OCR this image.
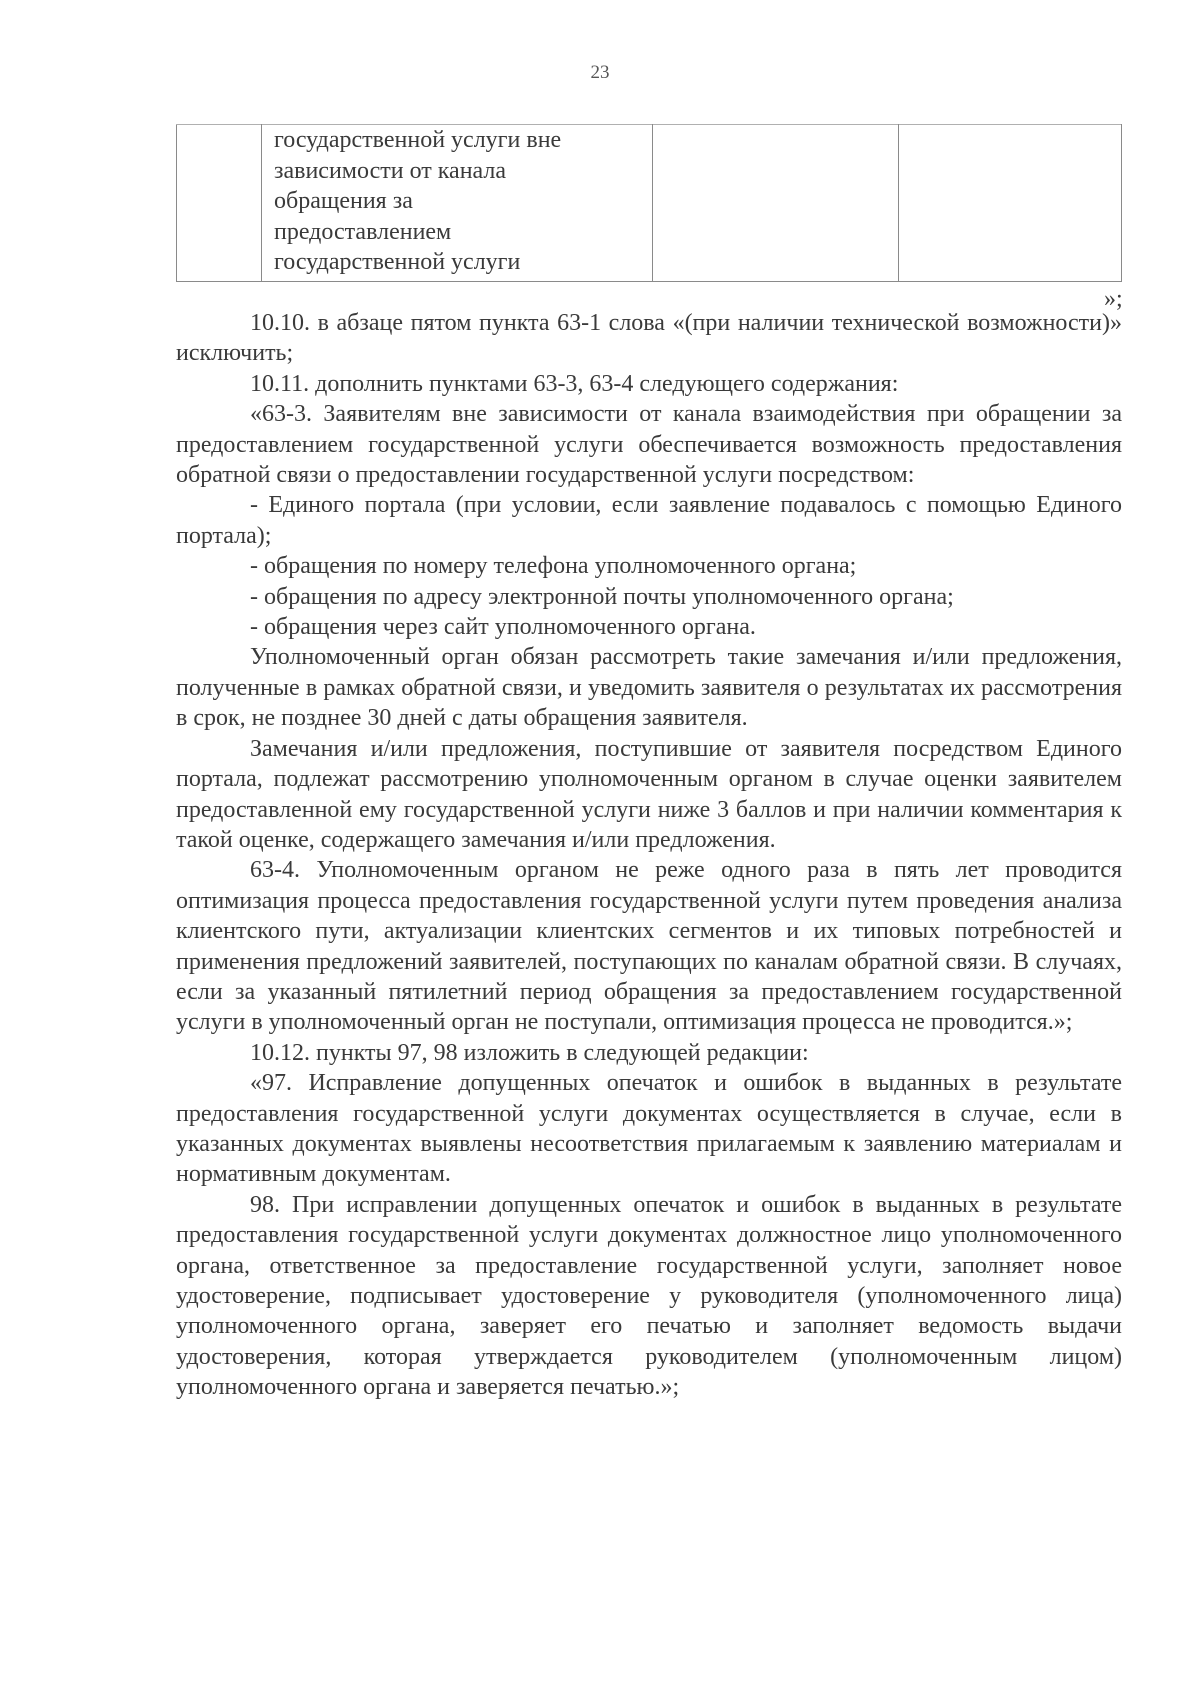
23

государственной услуги вне
зависимости от канала
обращения за
предоставлением
государственной услуги

»;

10.10. в абзаце пятом пункта 63-1 слова «(при наличии технической возможности)» исключить;

10.11. дополнить пунктами 63-3, 63-4 следующего содержания:

«63-3. Заявителям вне зависимости от канала взаимодействия при обращении за предоставлением государственной услуги обеспечивается возможность предоставления обратной связи о предоставлении государственной услуги посредством:

- Единого портала (при условии, если заявление подавалось с помощью Единого портала);

- обращения по номеру телефона уполномоченного органа;

- обращения по адресу электронной почты уполномоченного органа;

- обращения через сайт уполномоченного органа.

Уполномоченный орган обязан рассмотреть такие замечания и/или предложения, полученные в рамках обратной связи, и уведомить заявителя о результатах их рассмотрения в срок, не позднее 30 дней с даты обращения заявителя.

Замечания и/или предложения, поступившие от заявителя посредством Единого портала, подлежат рассмотрению уполномоченным органом в случае оценки заявителем предоставленной ему государственной услуги ниже 3 баллов и при наличии комментария к такой оценке, содержащего замечания и/или предложения.

63-4. Уполномоченным органом не реже одного раза в пять лет проводится оптимизация процесса предоставления государственной услуги путем проведения анализа клиентского пути, актуализации клиентских сегментов и их типовых потребностей и применения предложений заявителей, поступающих по каналам обратной связи. В случаях, если за указанный пятилетний период обращения за предоставлением государственной услуги в уполномоченный орган не поступали, оптимизация процесса не проводится.»;

10.12. пункты 97, 98 изложить в следующей редакции:

«97. Исправление допущенных опечаток и ошибок в выданных в результате предоставления государственной услуги документах осуществляется в случае, если в указанных документах выявлены несоответствия прилагаемым к заявлению материалам и нормативным документам.

98. При исправлении допущенных опечаток и ошибок в выданных в результате предоставления государственной услуги документах должностное лицо уполномоченного органа, ответственное за предоставление государственной услуги, заполняет новое удостоверение, подписывает удостоверение у руководителя (уполномоченного лица) уполномоченного органа, заверяет его печатью и заполняет ведомость выдачи удостоверения, которая утверждается руководителем (уполномоченным лицом) уполномоченного органа и заверяется печатью.»;
